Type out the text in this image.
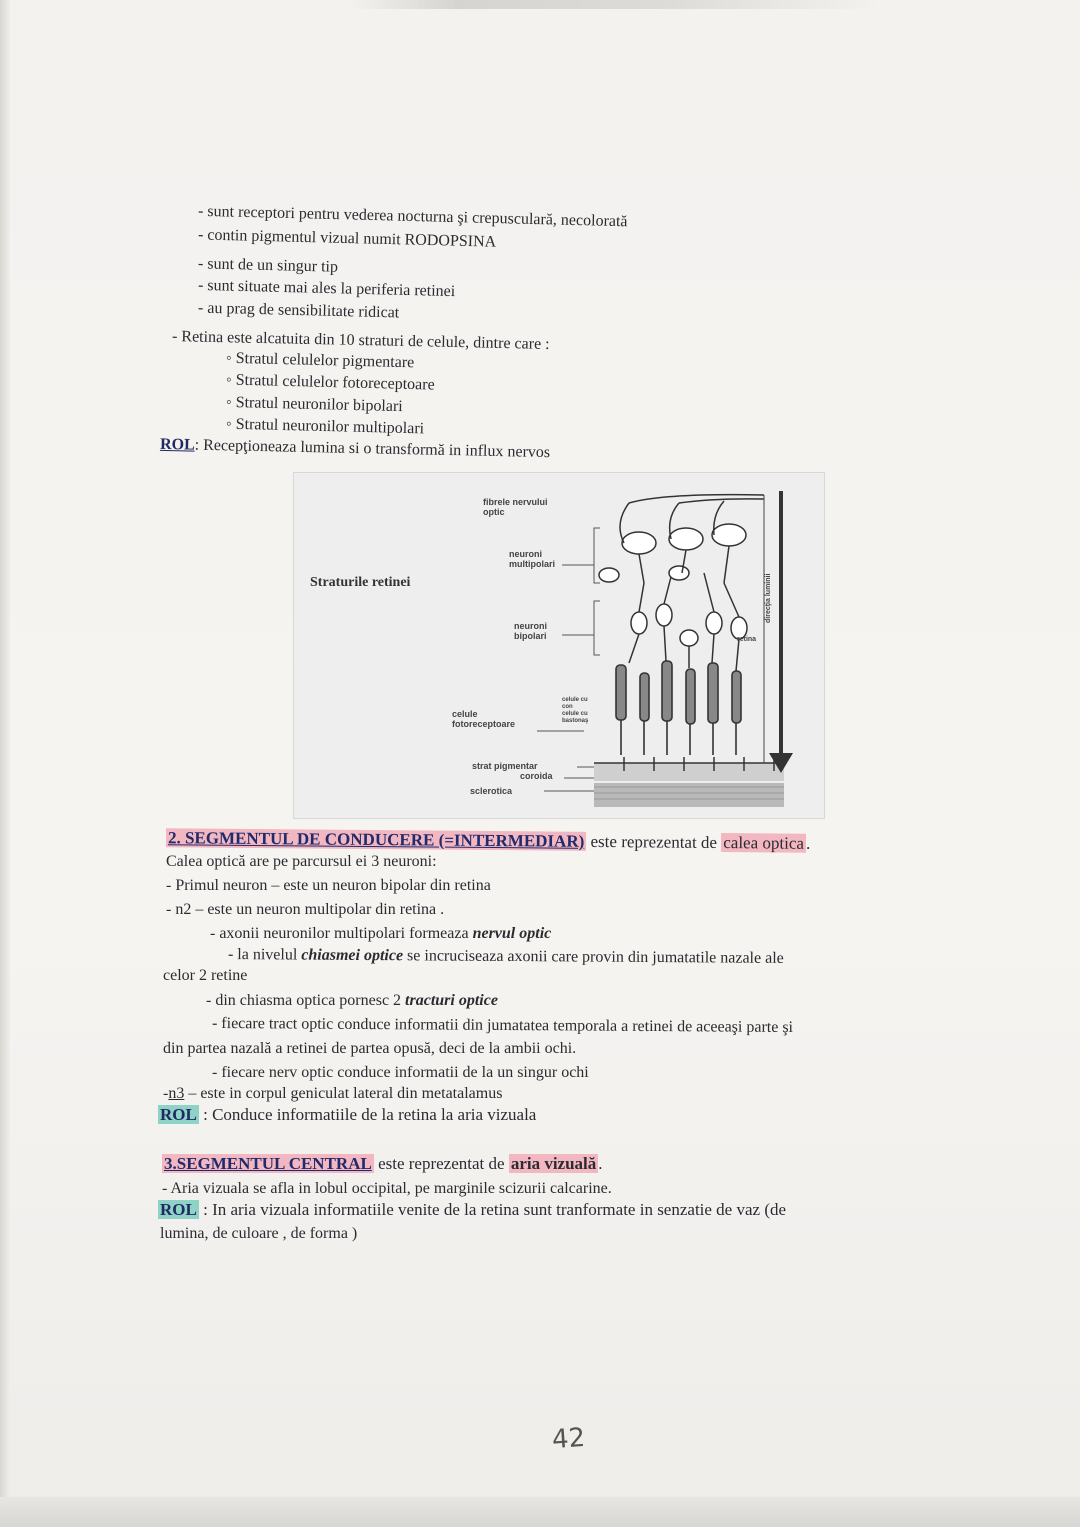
- sunt receptori pentru vederea nocturna şi crepusculară, necolorată
- contin pigmentul vizual numit RODOPSINA
- sunt de un singur tip
- sunt situate mai ales la periferia retinei
- au prag de sensibilitate ridicat
- Retina este alcatuita din 10 straturi de celule, dintre care :
◦ Stratul celulelor pigmentare
◦ Stratul celulelor fotoreceptoare
◦ Stratul neuronilor bipolari
◦ Stratul neuronilor multipolari
ROL: Recepţioneaza lumina si o transformă in influx nervos
Straturile retinei
fibrele nervului
optic
neuroni
multipolari
neuroni
bipolari
celule
fotoreceptoare
celule cu
con
celule cu
bastonaş
strat pigmentar
coroida
sclerotica
retina
direcţia luminii
2. SEGMENTUL DE CONDUCERE (=INTERMEDIAR) este reprezentat de calea optica .
Calea optică are pe parcursul ei 3 neuroni:
- Primul neuron – este un neuron bipolar din retina
- n2 – este un neuron multipolar din retina .
- axonii neuronilor multipolari formeaza nervul optic
- la nivelul chiasmei optice se incruciseaza axonii care provin din jumatatile nazale ale
celor 2 retine
- din chiasma optica pornesc 2 tracturi optice
- fiecare tract optic conduce informatii din jumatatea temporala a retinei de aceeaşi parte şi
din partea nazală a retinei de partea opusă, deci de la ambii ochi.
- fiecare nerv optic conduce informatii de la un singur ochi
-n3 – este in corpul geniculat lateral din metatalamus
ROL : Conduce informatiile de la retina la aria vizuala
3.SEGMENTUL CENTRAL este reprezentat de aria vizuală .
- Aria vizuala se afla in lobul occipital, pe marginile scizurii calcarine.
ROL : In aria vizuala informatiile venite de la retina sunt tranformate in senzatie de vaz (de
lumina, de culoare , de forma )
42
